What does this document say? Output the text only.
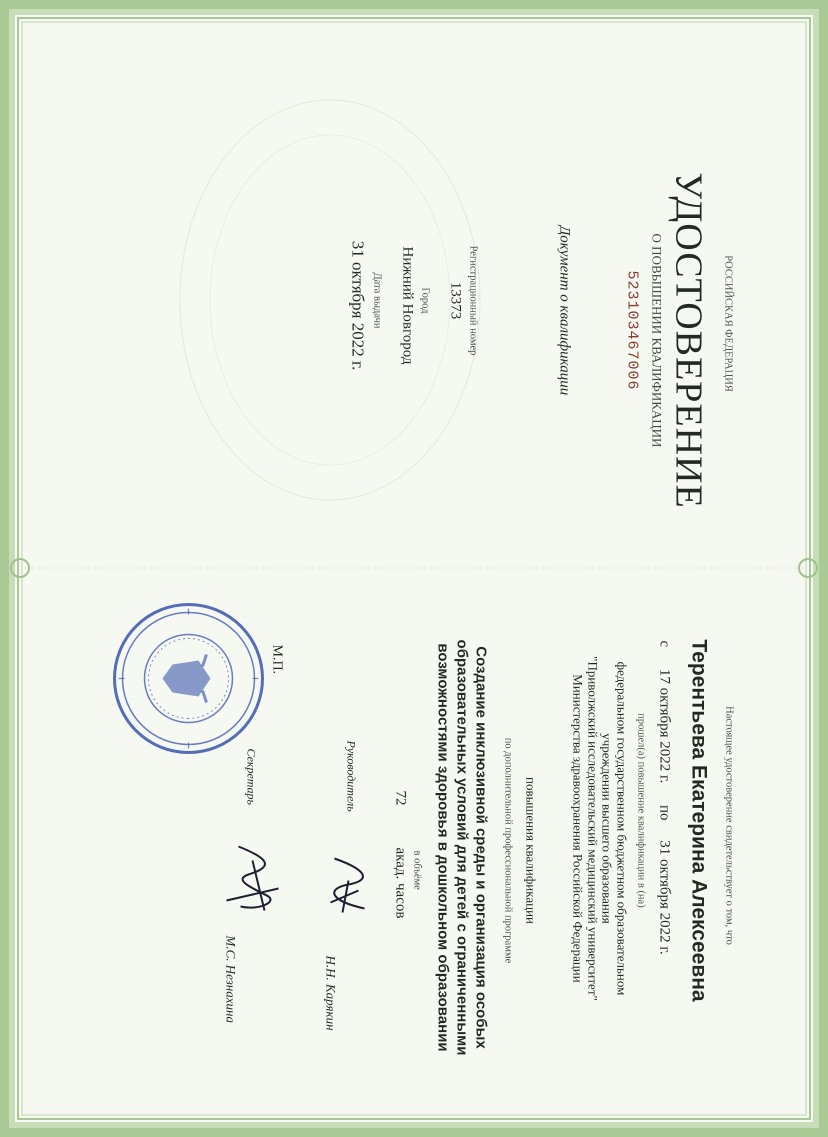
РОССИЙСКАЯ ФЕДЕРАЦИЯ
УДОСТОВЕРЕНИЕ
О ПОВЫШЕНИИ КВАЛИФИКАЦИИ
523103467006
Документ о квалификации
Регистрационный номер
13373
Город
Нижний Новгород
Дата выдачи
31 октября 2022 г.
Настоящее удостоверение свидетельствует о том, что
Терентьева Екатерина Алексеевна
с 17 октября 2022 г. по 31 октября 2022 г.
прошел(а) повышение квалификации в (на)
федеральном государственном бюджетном образовательном
учреждении высшего образования
"Приволжский исследовательский медицинский университет"
Министерства здравоохранения Российской Федерации
повышения квалификации
по дополнительной профессиональной программе
Создание инклюзивной среды и организация особых
образовательных условий для детей с ограниченными
возможностями здоровья в дошкольном образовании
в объёме
72
акад. часов
Руководитель
Н.Н. Карякин
М.П.
Секретарь
М.С. Незнахина
